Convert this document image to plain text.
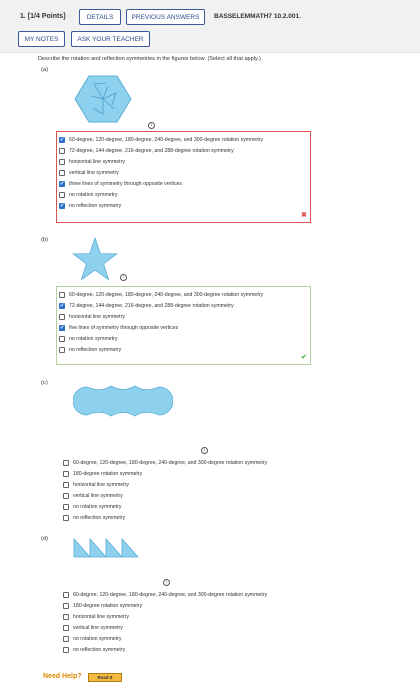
1. [1/4 Points]	DETAILS	PREVIOUS ANSWERS	BASSELEMMATH7 10.2.001.
MY NOTES	ASK YOUR TEACHER
Describe the rotation and reflection symmetries in the figures below. (Select all that apply.)
(a)
i
✓
60-degree, 120-degree, 180-degree, 240-degree, and 300-degree rotation symmetry
72-degree, 144-degree, 216-degree, and 288-degree rotation symmetry
horizontal line symmetry
vertical line symmetry
✓
three lines of symmetry through opposite vertices
no rotation symmetry
✓
no reflection symmetry
✖
(b)
i
60-degree, 120-degree, 180-degree, 240-degree, and 300-degree rotation symmetry
✓
72-degree, 144-degree, 216-degree, and 288-degree rotation symmetry
horizontal line symmetry
✓
five lines of symmetry through opposite vertices
no rotation symmetry
no reflection symmetry
✔
(c)
i
60-degree, 120-degree, 180-degree, 240-degree, and 300-degree rotation symmetry
180-degree rotation symmetry
horizontal line symmetry
vertical line symmetry
no rotation symmetry
no reflection symmetry
(d)
i
60-degree, 120-degree, 180-degree, 240-degree, and 300-degree rotation symmetry
180-degree rotation symmetry
horizontal line symmetry
vertical line symmetry
no rotation symmetry
no reflection symmetry
Need Help?	Read It
